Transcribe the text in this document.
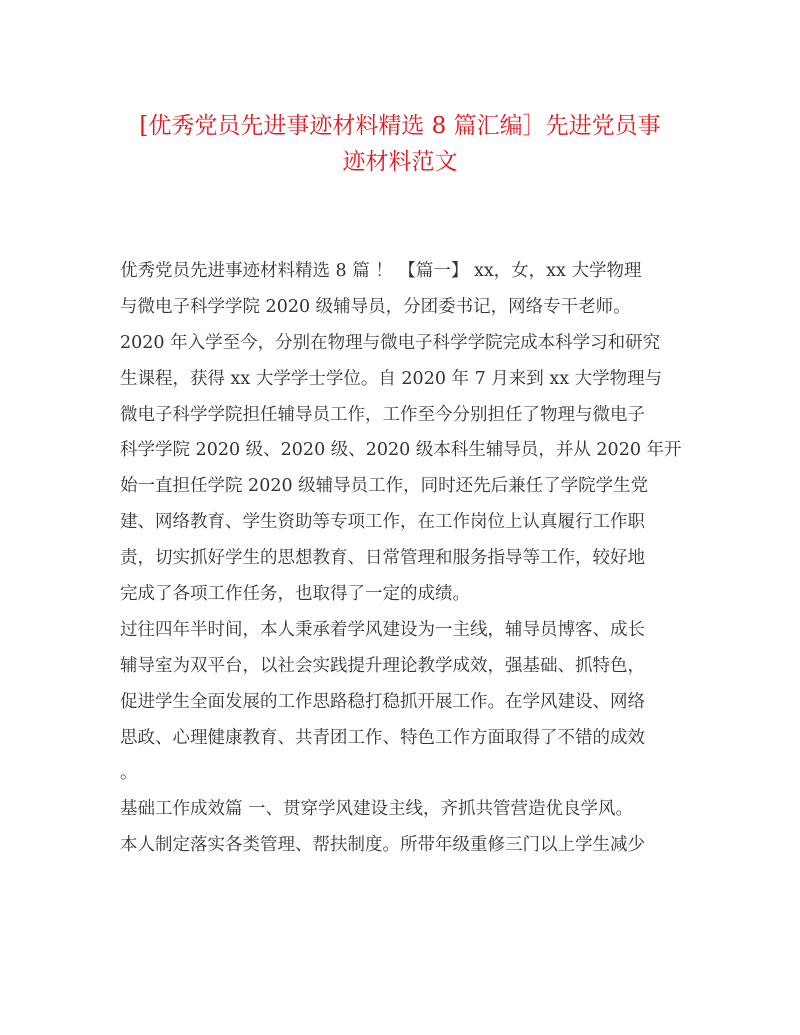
[优秀党员先进事迹材料精选 8 篇汇编］先进党员事
迹材料范文
优秀党员先进事迹材料精选 8 篇 ！ 【篇一】 xx，女，xx 大学物理
与微电子科学学院 2020 级辅导员，分团委书记，网络专干老师。
2020 年入学至今，分别在物理与微电子科学学院完成本科学习和研究
生课程，获得 xx 大学学士学位。自 2020 年 7 月来到 xx 大学物理与
微电子科学学院担任辅导员工作，工作至今分别担任了物理与微电子
科学学院 2020 级、2020 级、2020 级本科生辅导员，并从 2020 年开
始一直担任学院 2020 级辅导员工作，同时还先后兼任了学院学生党
建、网络教育、学生资助等专项工作，在工作岗位上认真履行工作职
责，切实抓好学生的思想教育、日常管理和服务指导等工作，较好地
完成了各项工作任务，也取得了一定的成绩。
过往四年半时间，本人秉承着学风建设为一主线，辅导员博客、成长
辅导室为双平台，以社会实践提升理论教学成效，强基础、抓特色，
促进学生全面发展的工作思路稳打稳抓开展工作。在学风建设、网络
思政、心理健康教育、共青团工作、特色工作方面取得了不错的成效
。
基础工作成效篇 一、贯穿学风建设主线，齐抓共管营造优良学风。
本人制定落实各类管理、帮扶制度。所带年级重修三门以上学生减少
